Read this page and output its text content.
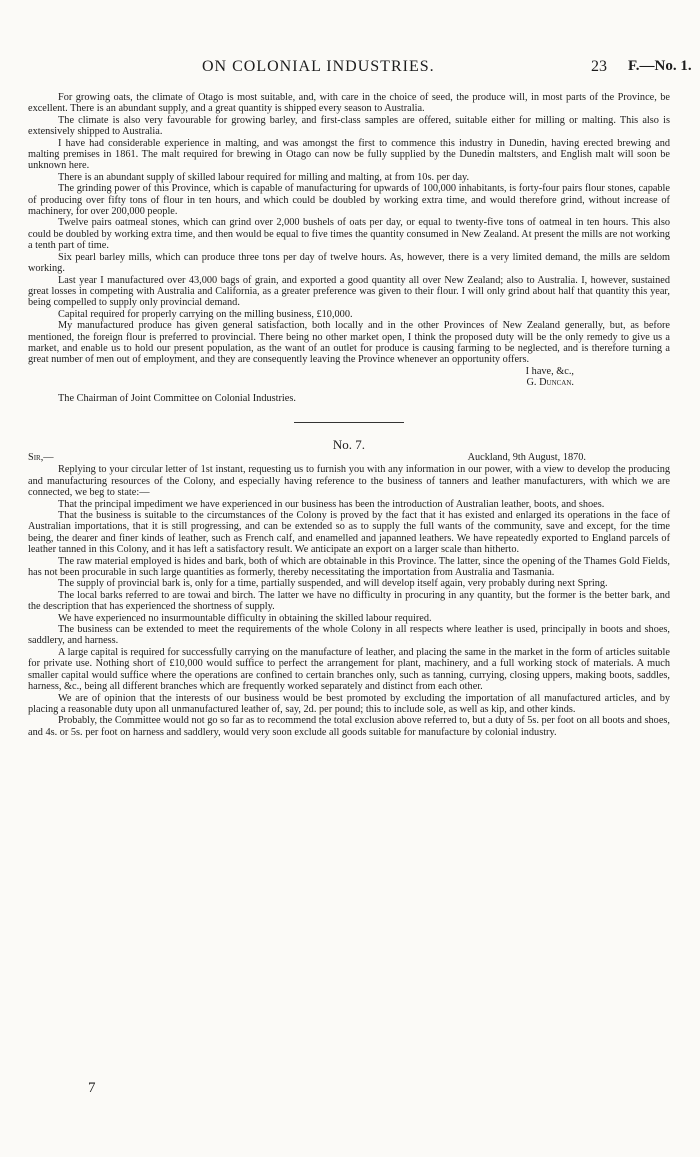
ON COLONIAL INDUSTRIES.	23 F.—No. 1.

For growing oats, the climate of Otago is most suitable, and, with care in the choice of seed, the produce will, in most parts of the Province, be excellent. There is an abundant supply, and a great quantity is shipped every season to Australia.

The climate is also very favourable for growing barley, and first-class samples are offered, suitable either for milling or malting. This also is extensively shipped to Australia.

I have had considerable experience in malting, and was amongst the first to commence this industry in Dunedin, having erected brewing and malting premises in 1861. The malt required for brewing in Otago can now be fully supplied by the Dunedin maltsters, and English malt will soon be unknown here.

There is an abundant supply of skilled labour required for milling and malting, at from 10s. per day.

The grinding power of this Province, which is capable of manufacturing for upwards of 100,000 inhabitants, is forty-four pairs flour stones, capable of producing over fifty tons of flour in ten hours, and which could be doubled by working extra time, and would therefore grind, without increase of machinery, for over 200,000 people.

Twelve pairs oatmeal stones, which can grind over 2,000 bushels of oats per day, or equal to twenty-five tons of oatmeal in ten hours. This also could be doubled by working extra time, and then would be equal to five times the quantity consumed in New Zealand. At present the mills are not working a tenth part of time.

Six pearl barley mills, which can produce three tons per day of twelve hours. As, however, there is a very limited demand, the mills are seldom working.

Last year I manufactured over 43,000 bags of grain, and exported a good quantity all over New Zealand; also to Australia. I, however, sustained great losses in competing with Australia and California, as a greater preference was given to their flour. I will only grind about half that quantity this year, being compelled to supply only provincial demand.

Capital required for properly carrying on the milling business, £10,000.

My manufactured produce has given general satisfaction, both locally and in the other Provinces of New Zealand generally, but, as before mentioned, the foreign flour is preferred to provincial. There being no other market open, I think the proposed duty will be the only remedy to give us a market, and enable us to hold our present population, as the want of an outlet for produce is causing farming to be neglected, and is therefore turning a great number of men out of employment, and they are consequently leaving the Province whenever an opportunity offers.

I have, &c.,
G. Duncan.

The Chairman of Joint Committee on Colonial Industries.

No. 7.
Sir,—	Auckland, 9th August, 1870.

Replying to your circular letter of 1st instant, requesting us to furnish you with any information in our power, with a view to develop the producing and manufacturing resources of the Colony, and especially having reference to the business of tanners and leather manufacturers, with which we are connected, we beg to state:—

That the principal impediment we have experienced in our business has been the introduction of Australian leather, boots, and shoes.

That the business is suitable to the circumstances of the Colony is proved by the fact that it has existed and enlarged its operations in the face of Australian importations, that it is still progressing, and can be extended so as to supply the full wants of the community, save and except, for the time being, the dearer and finer kinds of leather, such as French calf, and enamelled and japanned leathers. We have repeatedly exported to England parcels of leather tanned in this Colony, and it has left a satisfactory result. We anticipate an export on a larger scale than hitherto.

The raw material employed is hides and bark, both of which are obtainable in this Province. The latter, since the opening of the Thames Gold Fields, has not been procurable in such large quantities as formerly, thereby necessitating the importation from Australia and Tasmania.

The supply of provincial bark is, only for a time, partially suspended, and will develop itself again, very probably during next Spring.

The local barks referred to are towai and birch. The latter we have no difficulty in procuring in any quantity, but the former is the better bark, and the description that has experienced the shortness of supply.

We have experienced no insurmountable difficulty in obtaining the skilled labour required.

The business can be extended to meet the requirements of the whole Colony in all respects where leather is used, principally in boots and shoes, saddlery, and harness.

A large capital is required for successfully carrying on the manufacture of leather, and placing the same in the market in the form of articles suitable for private use. Nothing short of £10,000 would suffice to perfect the arrangement for plant, machinery, and a full working stock of materials. A much smaller capital would suffice where the operations are confined to certain branches only, such as tanning, currying, closing uppers, making boots, saddles, harness, &c., being all different branches which are frequently worked separately and distinct from each other.

We are of opinion that the interests of our business would be best promoted by excluding the importation of all manufactured articles, and by placing a reasonable duty upon all unmanufactured leather of, say, 2d. per pound; this to include sole, as well as kip, and other kinds.

Probably, the Committee would not go so far as to recommend the total exclusion above referred to, but a duty of 5s. per foot on all boots and shoes, and 4s. or 5s. per foot on harness and saddlery, would very soon exclude all goods suitable for manufacture by colonial industry.

7
